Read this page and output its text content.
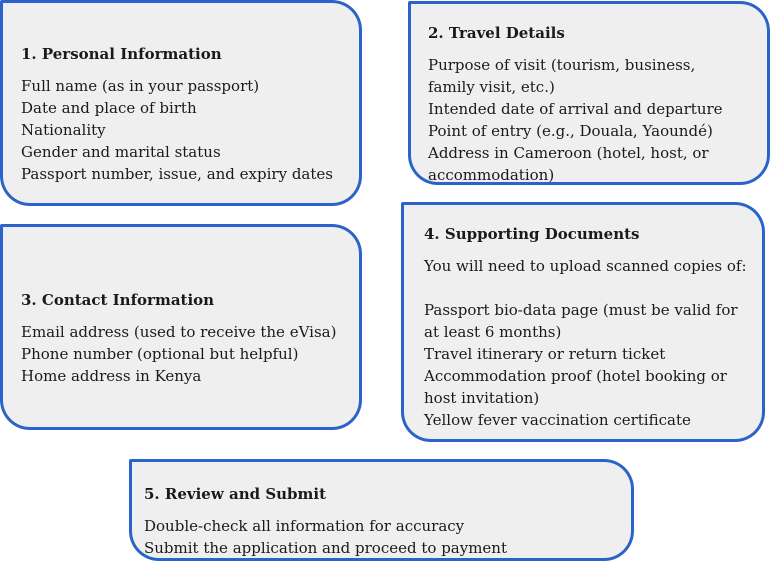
1. Personal Information
Full name (as in your passport)
Date and place of birth
Nationality
Gender and marital status
Passport number, issue, and expiry dates
2. Travel Details
Purpose of visit (tourism, business, family visit, etc.)
Intended date of arrival and departure
Point of entry (e.g., Douala, Yaoundé)
Address in Cameroon (hotel, host, or accommodation)
3. Contact Information
Email address (used to receive the eVisa)
Phone number (optional but helpful)
Home address in Kenya
4. Supporting Documents
You will need to upload scanned copies of:
Passport bio-data page (must be valid for at least 6 months)
Travel itinerary or return ticket
Accommodation proof (hotel booking or host invitation)
Yellow fever vaccination certificate
5. Review and Submit
Double-check all information for accuracy
Submit the application and proceed to payment
